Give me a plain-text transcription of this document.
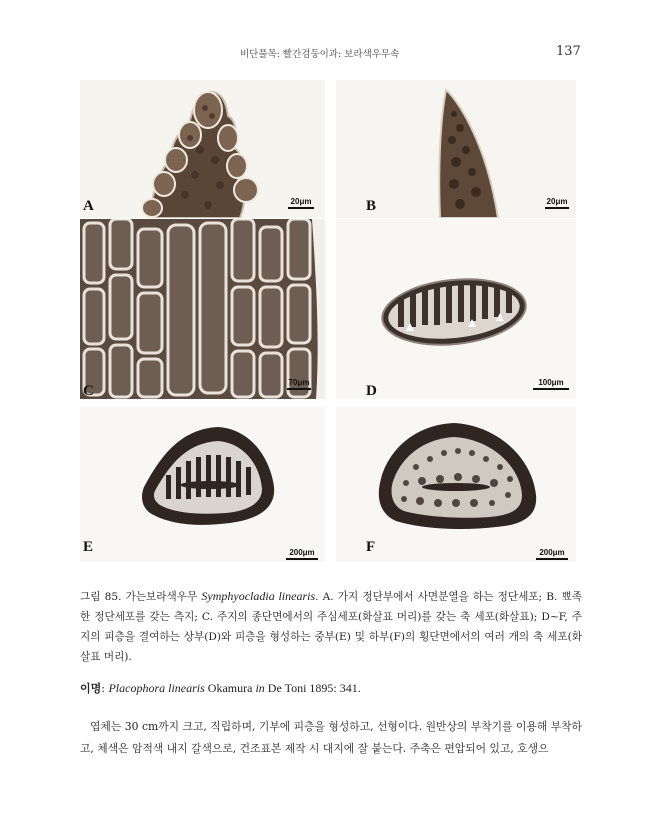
비단풀목: 빨간검둥이과: 보라색우무속	137
A	20μm	B	20μm
C
70μm
D
100μm
E	200μm	F	200μm
그림 85. 가는보라색우무 Symphyocladia linearis. A. 가지 정단부에서 사면분열을 하는 정단세포; B. 뾰족한 정단세포를 갖는 측지; C. 주지의 종단면에서의 주심세포(화살표 머리)를 갖는 축 세포(화살표); D~F, 주지의 피층을 결여하는 상부(D)와 피층을 형성하는 중부(E) 및 하부(F)의 횡단면에서의 여러 개의 축 세포(화살표 머리).
이명: Placophora linearis Okamura in De Toni 1895: 341.
엽체는 30 cm까지 크고, 직립하며, 기부에 피층을 형성하고, 선형이다. 원반상의 부착기를 이용해 부착하고, 체색은 암적색 내지 갈색으로, 건조표본 제작 시 대지에 잘 붙는다. 주축은 편압되어 있고, 호생으
